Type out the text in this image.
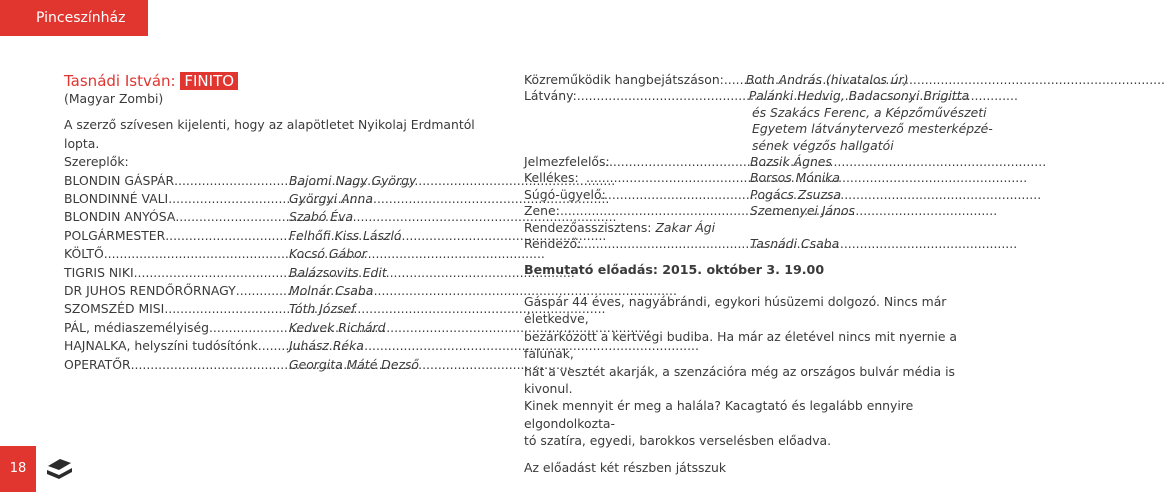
Pinceszínház
Tasnádi István: FINITO
(Magyar Zombi)
A szerző szívesen kijelenti, hogy az alapötletet Nyikolaj Erdmantól lopta.
Szereplők:
BLONDIN GÁSPÁR .....	Bajomi Nagy György
BLONDINNÉ VALI .....	Györgyi Anna
BLONDIN ANYÓSA .....	Szabó Éva
POLGÁRMESTER .....	Felhőfi Kiss László
KÖLTŐ .....	Kocsó Gábor
TIGRIS NIKI .....	Balázsovits Edit
DR JUHOS RENDŐRŐRNAGY .....	Molnár Csaba
SZOMSZÉD MISI .....	Tóth József
PÁL, médiaszemélyiség .....	Kedvek Richárd
HAJNALKA, helyszíni tudósítónk .....	Juhász Réka
OPERATŐR .....	Georgita Máté Dezső
Közreműködik hangbejátszáson: ..... Both András (hivatalos úr)
Látvány: .....	Palánki Hedvig, Badacsonyi Brigitta
és Szakács Ferenc, a Képzőművészeti
Egyetem látványtervező mesterképzé-
sének végzős hallgatói
Jelmezfelelős: .....	Bozsik Ágnes
Kellékes: .....	Borsos Mónika
Súgó-ügyelő: .....	Pogács Zsuzsa
Zene: .....	Szemenyei János
Rendezőasszisztens:
Zakar Ági
Rendező: .....	Tasnádi Csaba
Bemutató előadás: 2015. október 3. 19.00
Gáspár 44 éves, nagyábrándi, egykori húsüzemi dolgozó. Nincs már életkedve,
bezárkózott a kertvégi budiba. Ha már az életével nincs mit nyernie a falunak,
hát a vesztét akarják, a szenzációra még az országos bulvár média is kivonul.
Kinek mennyit ér meg a halála? Kacagtató és legalább ennyire elgondolkozta-
tó szatíra, egyedi, barokkos verselésben előadva.
Az előadást két részben játsszuk
18
